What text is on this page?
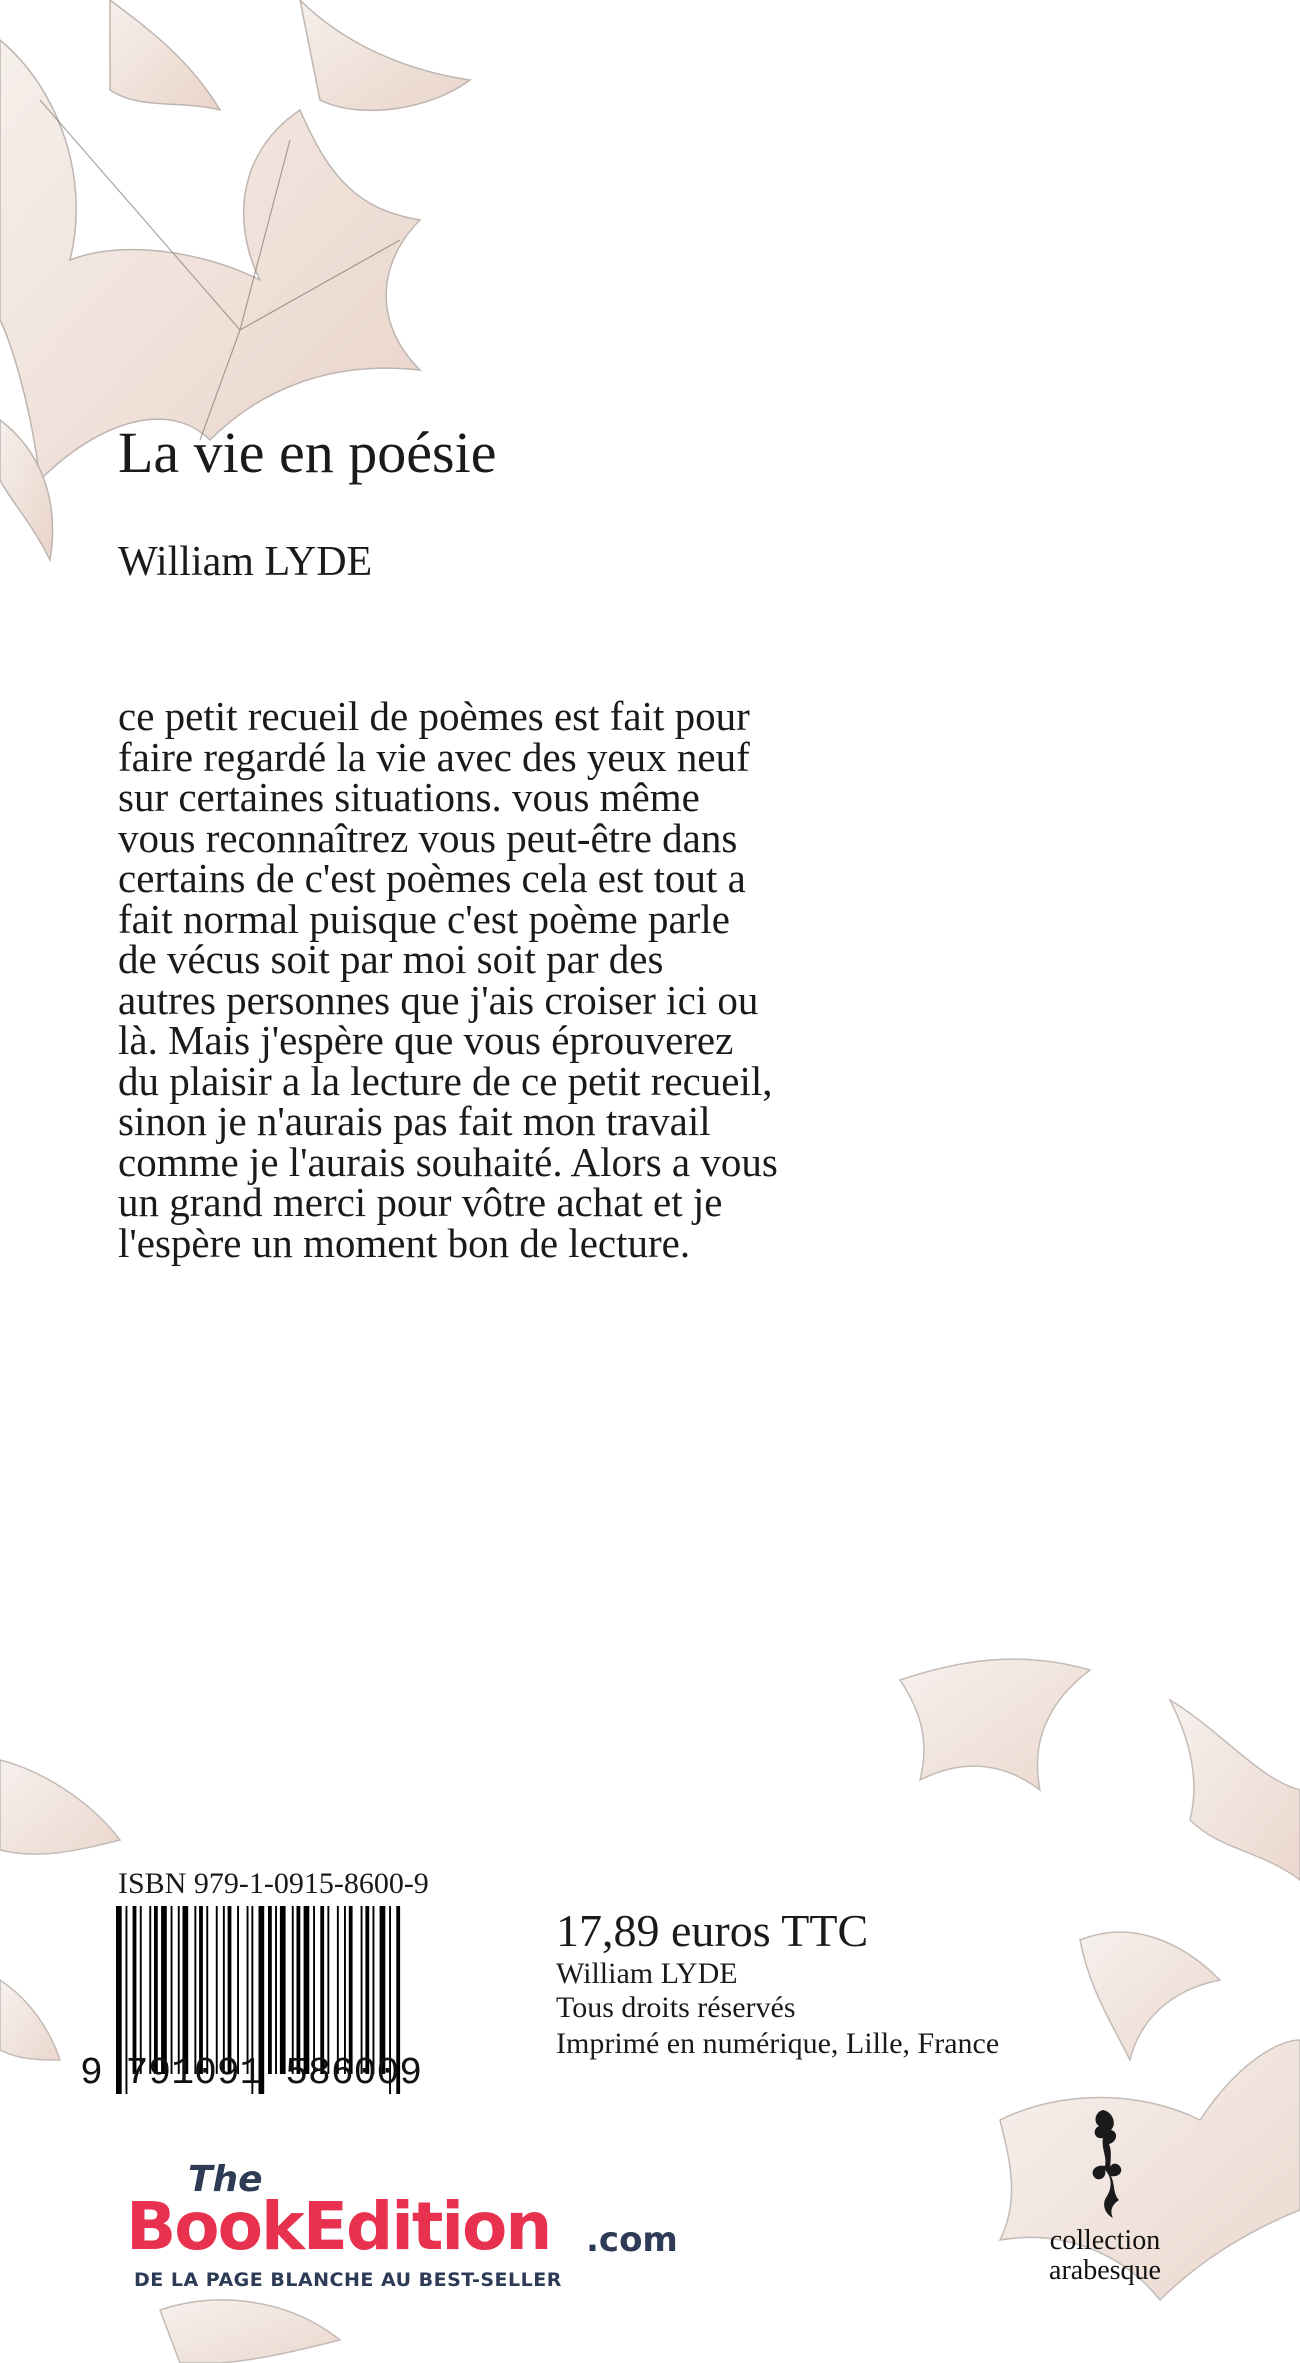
La vie en poésie
William LYDE
ce petit recueil de poèmes est fait pour
faire regardé la vie avec des yeux neuf
sur certaines situations. vous même
vous reconnaîtrez vous peut-être dans
certains de c'est poèmes cela est tout a
fait normal puisque c'est poème parle
de vécus soit par moi soit par des
autres personnes que j'ais croiser ici ou
là. Mais j'espère que vous éprouverez
du plaisir a la lecture de ce petit recueil,
sinon je n'aurais pas fait mon travail
comme je l'aurais souhaité. Alors a vous
un grand merci pour vôtre achat et je
l'espère un moment bon de lecture.
ISBN 979-1-0915-8600-9
9 791091 586009
17,89 euros TTC
William LYDE
Tous droits réservés
Imprimé en numérique, Lille, France
The
BookEdition .com
DE LA PAGE BLANCHE AU BEST-SELLER
collection
arabesque
